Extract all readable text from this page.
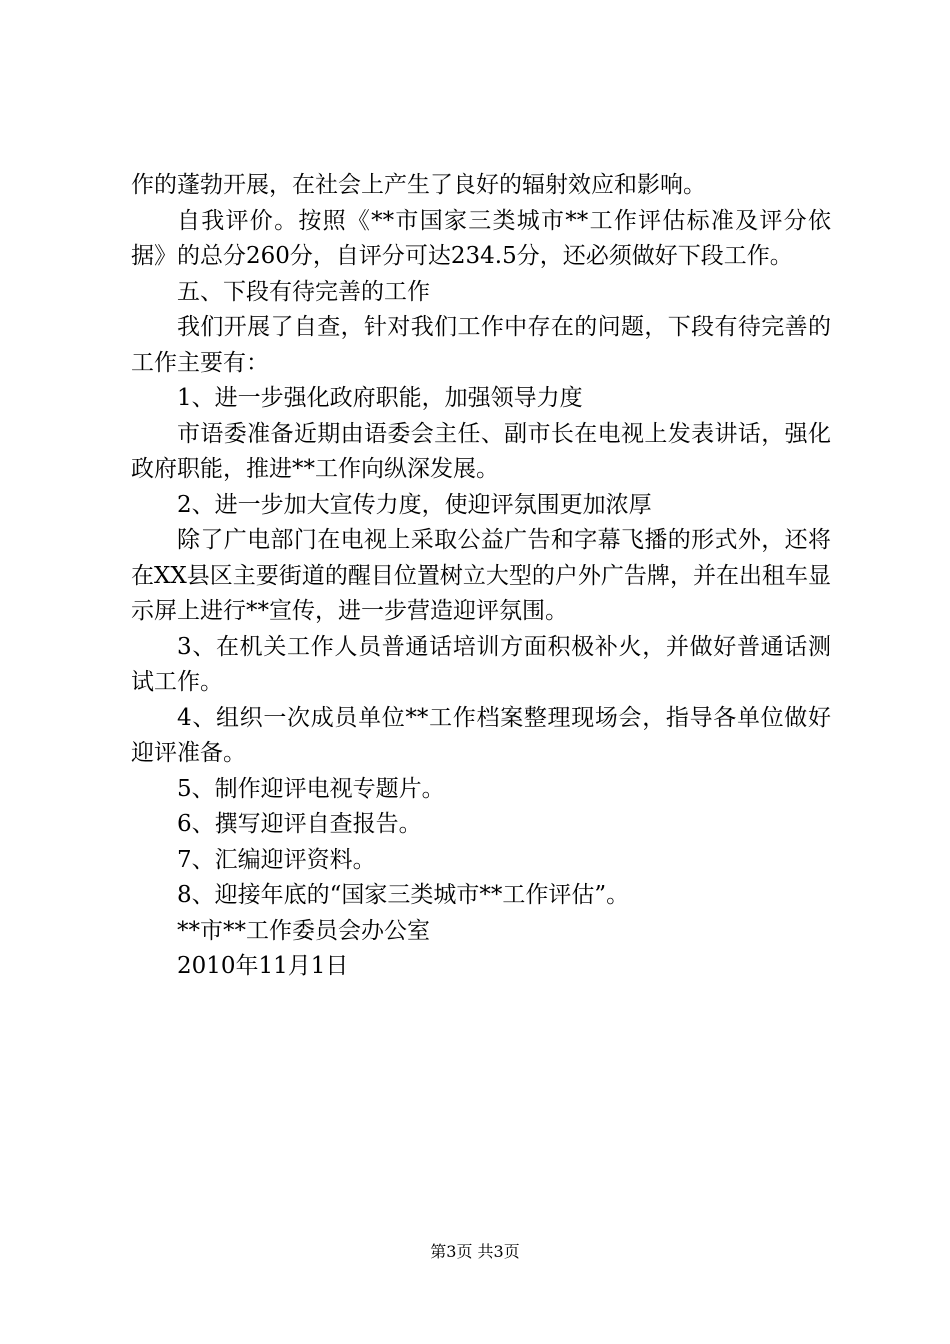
作的蓬勃开展，在社会上产生了良好的辐射效应和影响。

自我评价。按照《**市国家三类城市**工作评估标准及评分依据》的总分260分，自评分可达234.5分，还必须做好下段工作。

五、下段有待完善的工作

我们开展了自查，针对我们工作中存在的问题，下段有待完善的工作主要有：

1、进一步强化政府职能，加强领导力度

市语委准备近期由语委会主任、副市长在电视上发表讲话，强化政府职能，推进**工作向纵深发展。

2、进一步加大宣传力度，使迎评氛围更加浓厚

除了广电部门在电视上采取公益广告和字幕飞播的形式外，还将在XX县区主要街道的醒目位置树立大型的户外广告牌，并在出租车显示屏上进行**宣传，进一步营造迎评氛围。

3、在机关工作人员普通话培训方面积极补火，并做好普通话测试工作。

4、组织一次成员单位**工作档案整理现场会，指导各单位做好迎评准备。

5、制作迎评电视专题片。

6、撰写迎评自查报告。

7、汇编迎评资料。

8、迎接年底的“国家三类城市**工作评估”。

**市**工作委员会办公室

2010年11月1日

第3页 共3页
